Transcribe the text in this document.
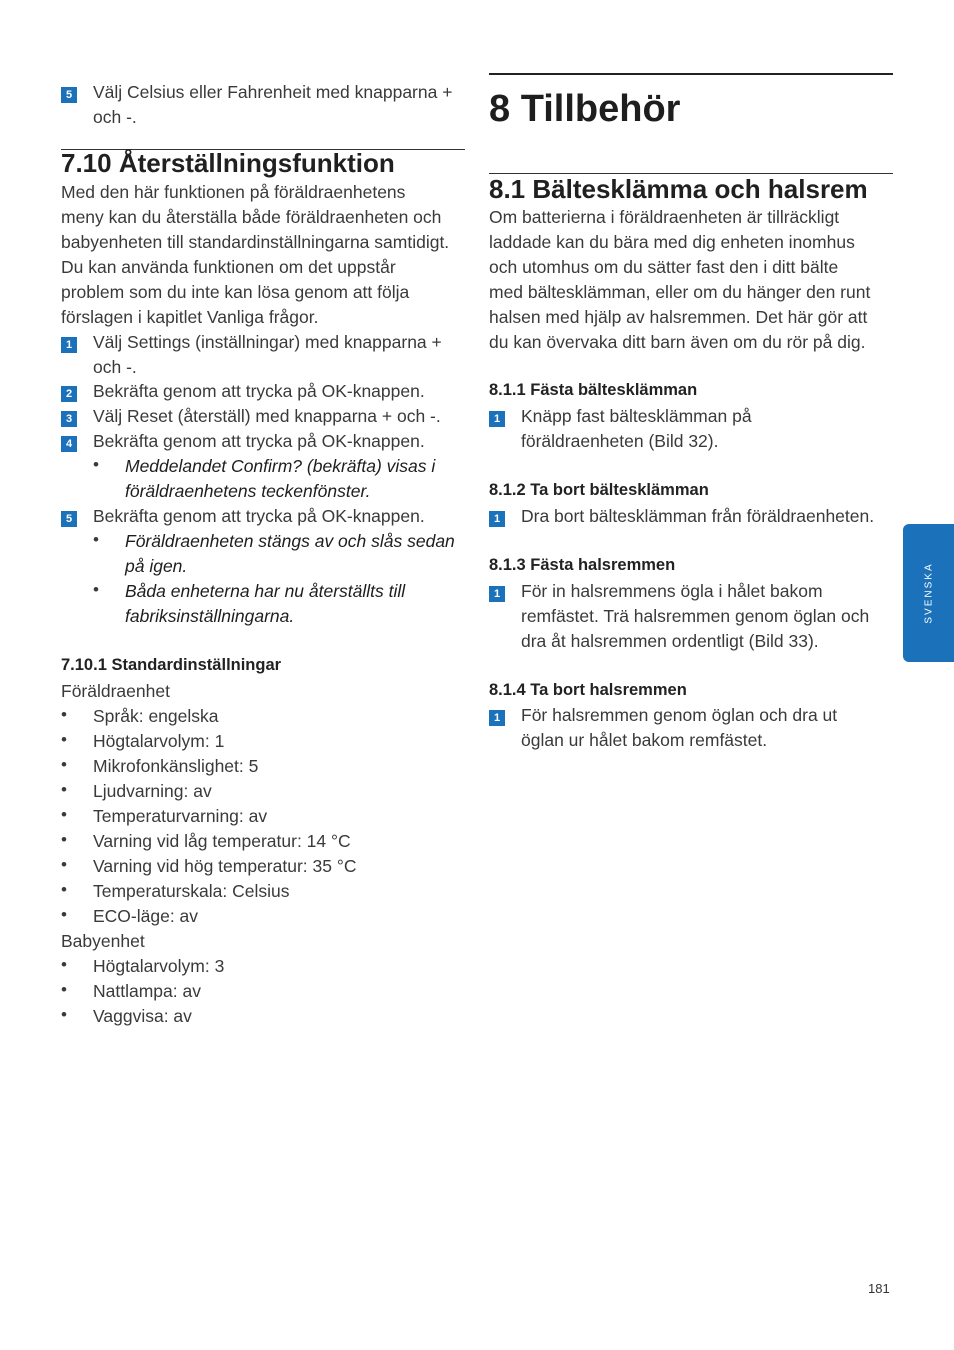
5	Välj Celsius eller Fahrenheit med knapparna +
och -.
7.10 Återställningsfunktion
Med den här funktionen på föräldraenhetens
meny kan du återställa både föräldraenheten och
babyenheten till standardinställningarna samtidigt.
Du kan använda funktionen om det uppstår
problem som du inte kan lösa genom att följa
förslagen i kapitlet Vanliga frågor.
1	Välj Settings (inställningar) med knapparna +
och -.
2	Bekräfta genom att trycka på OK-knappen.
3	Välj Reset (återställ) med knapparna + och -.
4	Bekräfta genom att trycka på OK-knappen.
•	Meddelandet Confirm? (bekräfta) visas i
föräldraenhetens teckenfönster.
5	Bekräfta genom att trycka på OK-knappen.
•	Föräldraenheten stängs av och slås sedan
på igen.
•	Båda enheterna har nu återställts till
fabriksinställningarna.
7.10.1 Standardinställningar
Föräldraenhet
•	Språk: engelska
•	Högtalarvolym: 1
•	Mikrofonkänslighet: 5
•	Ljudvarning: av
•	Temperaturvarning: av
•	Varning vid låg temperatur: 14 °C
•	Varning vid hög temperatur: 35 °C
•	Temperaturskala: Celsius
•	ECO-läge: av
Babyenhet
•	Högtalarvolym: 3
•	Nattlampa: av
•	Vaggvisa: av
8 Tillbehör
8.1 Bältesklämma och halsrem
Om batterierna i föräldraenheten är tillräckligt
laddade kan du bära med dig enheten inomhus
och utomhus om du sätter fast den i ditt bälte
med bältesklämman, eller om du hänger den runt
halsen med hjälp av halsremmen. Det här gör att
du kan övervaka ditt barn även om du rör på dig.
8.1.1 Fästa bältesklämman
1	Knäpp fast bältesklämman på
föräldraenheten (Bild 32).
8.1.2 Ta bort bältesklämman
1	Dra bort bältesklämman från föräldraenheten.
8.1.3 Fästa halsremmen
1	För in halsremmens ögla i hålet bakom
remfästet. Trä halsremmen genom öglan och
dra åt halsremmen ordentligt (Bild 33).
8.1.4 Ta bort halsremmen
1	För halsremmen genom öglan och dra ut
öglan ur hålet bakom remfästet.
SVENSKA
181
